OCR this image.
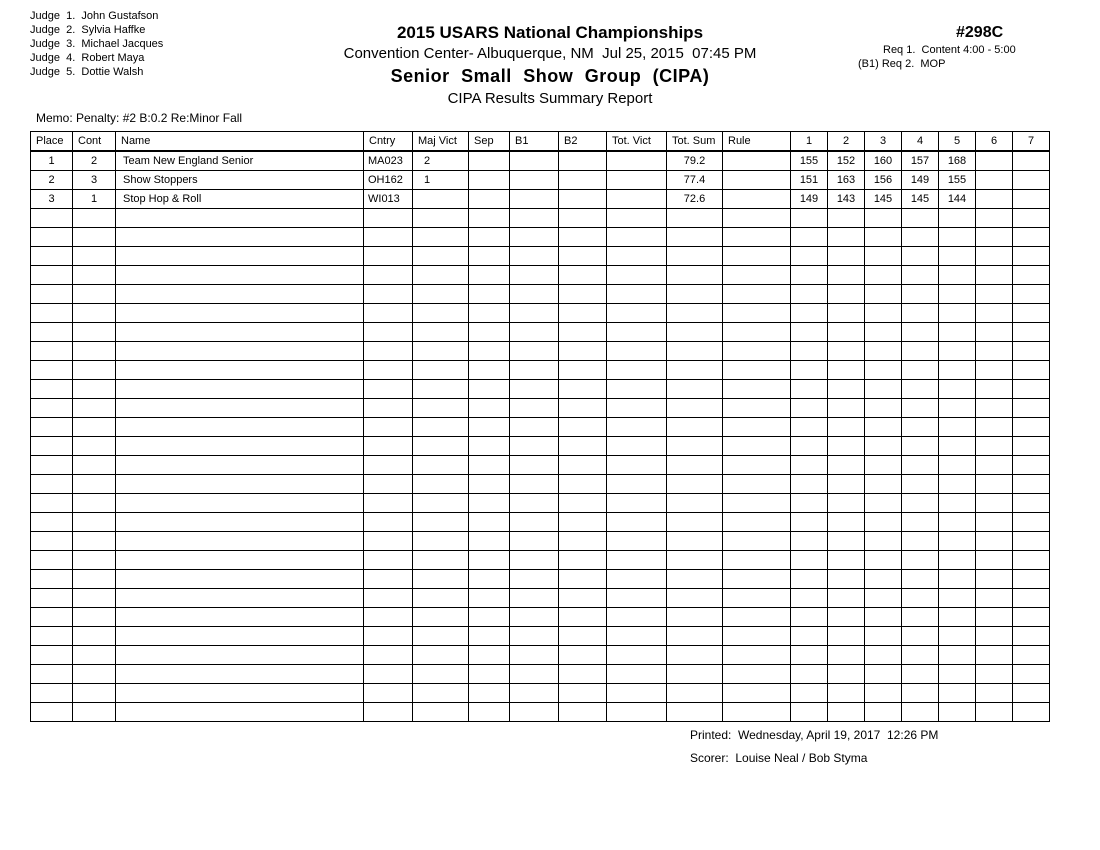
Judge  1.  John Gustafson
Judge  2.  Sylvia Haffke
Judge  3.  Michael Jacques
Judge  4.  Robert Maya
Judge  5.  Dottie Walsh
2015 USARS National Championships
Convention Center- Albuquerque, NM  Jul 25, 2015  07:45 PM
Senior Small Show Group (CIPA)
CIPA Results Summary Report
#298C
Req 1.  Content 4:00 - 5:00
(B1) Req 2.  MOP
Memo: Penalty: #2 B:0.2 Re:Minor Fall
Place	Cont	Name	Cntry	Maj Vict	Sep	B1	B2	Tot. Vict	Tot. Sum	Rule	1	2	3	4	5	6	7
1	2	Team New England Senior	MA023	2					79.2		155	152	160	157	168		
2	3	Show Stoppers	OH162	1					77.4		151	163	156	149	155		
3	1	Stop Hop & Roll	WI013						72.6		149	143	145	145	144		

Printed:  Wednesday, April 19, 2017  12:26 PM
Scorer:  Louise Neal / Bob Styma
